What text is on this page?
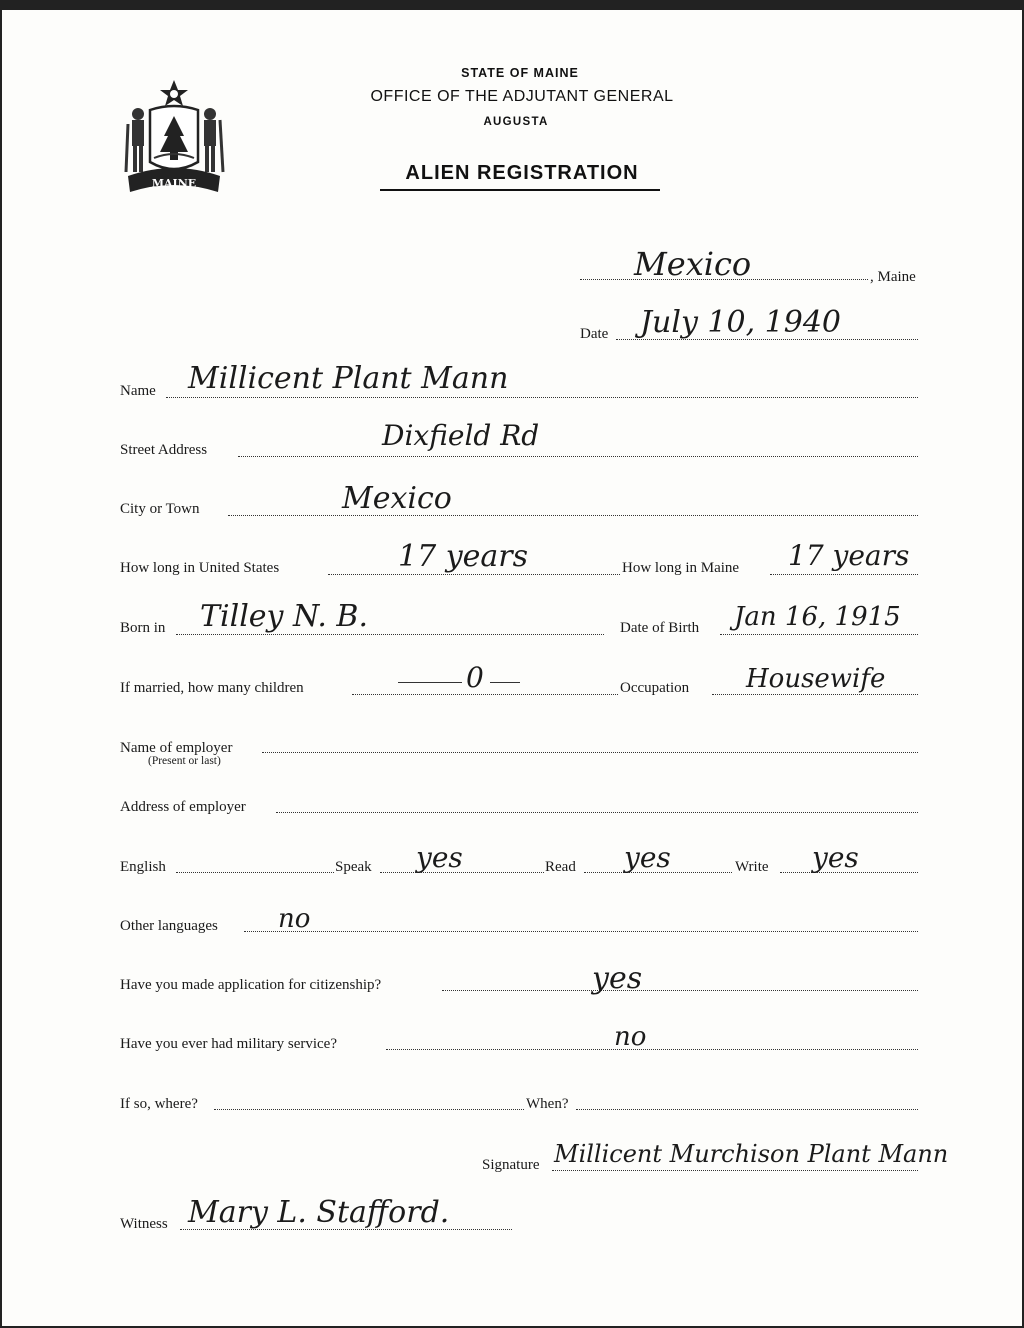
MAINE
STATE OF MAINE
OFFICE OF THE ADJUTANT GENERAL
AUGUSTA
ALIEN REGISTRATION
Mexico	, Maine
Date July 10, 1940
Name Millicent Plant Mann
Street Address	Dixfield Rd
City or Town	Mexico
How long in United States	17 years	How long in Maine 17 years
Born in Tilley N. B.	Date of Birth Jan 16, 1915
If married, how many children	0	Occupation Housewife
Name of employer
(Present or last)
Address of employer
English	Speak yes	Read yes	Write yes
Other languages no
Have you made application for citizenship?	yes
Have you ever had military service?	no
If so, where?	When?
Signature Millicent Murchison Plant Mann
Witness Mary L. Stafford.
